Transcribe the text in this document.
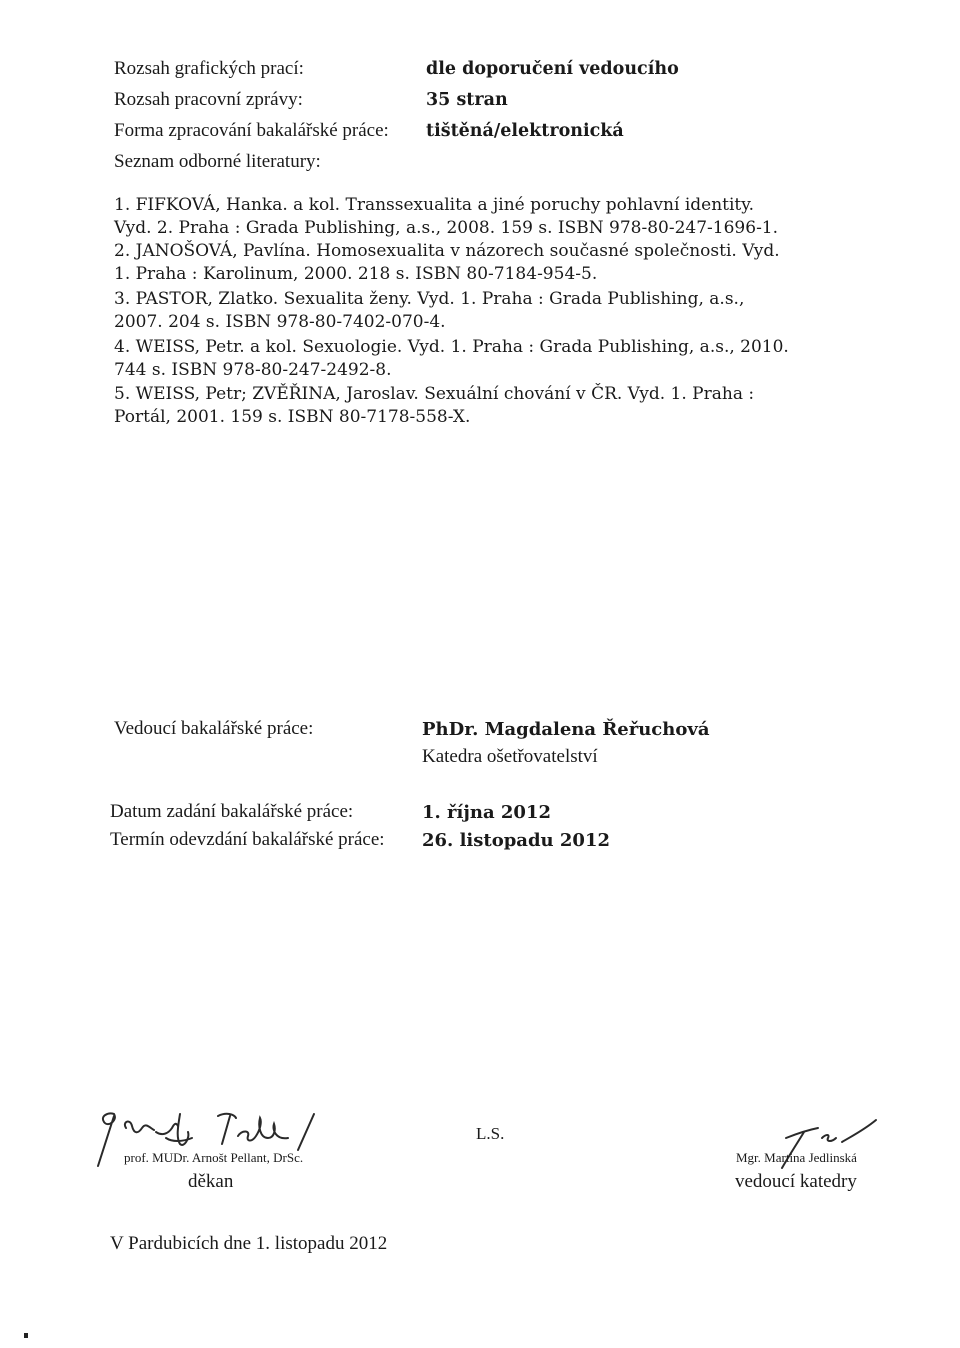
Rozsah grafických prací:	dle doporučení vedoucího
Rozsah pracovní zprávy:	35 stran
Forma zpracování bakalářské práce: tištěná/elektronická
Seznam odborné literatury:
1. FIFKOVÁ, Hanka. a kol. Transsexualita a jiné poruchy pohlavní identity.
Vyd. 2. Praha : Grada Publishing, a.s., 2008. 159 s. ISBN 978-80-247-1696-1.
2. JANOŠOVÁ, Pavlína. Homosexualita v názorech současné společnosti. Vyd.
1. Praha : Karolinum, 2000. 218 s. ISBN 80-7184-954-5.
3. PASTOR, Zlatko. Sexualita ženy. Vyd. 1. Praha : Grada Publishing, a.s.,
2007. 204 s. ISBN 978-80-7402-070-4.
4. WEISS, Petr. a kol. Sexuologie. Vyd. 1. Praha : Grada Publishing, a.s., 2010.
744 s. ISBN 978-80-247-2492-8.
5. WEISS, Petr; ZVĚŘINA, Jaroslav. Sexuální chování v ČR. Vyd. 1. Praha :
Portál, 2001. 159 s. ISBN 80-7178-558-X.
Vedoucí bakalářské práce:	PhDr. Magdalena Řeřuchová
Katedra ošetřovatelství
Datum zadání bakalářské práce:	1. října 2012
Termín odevzdání bakalářské práce: 26. listopadu 2012
prof. MUDr. Arnošt Pellant, DrSc.
děkan
L.S.
Mgr. Martina Jedlinská
vedoucí katedry
V Pardubicích dne 1. listopadu 2012
